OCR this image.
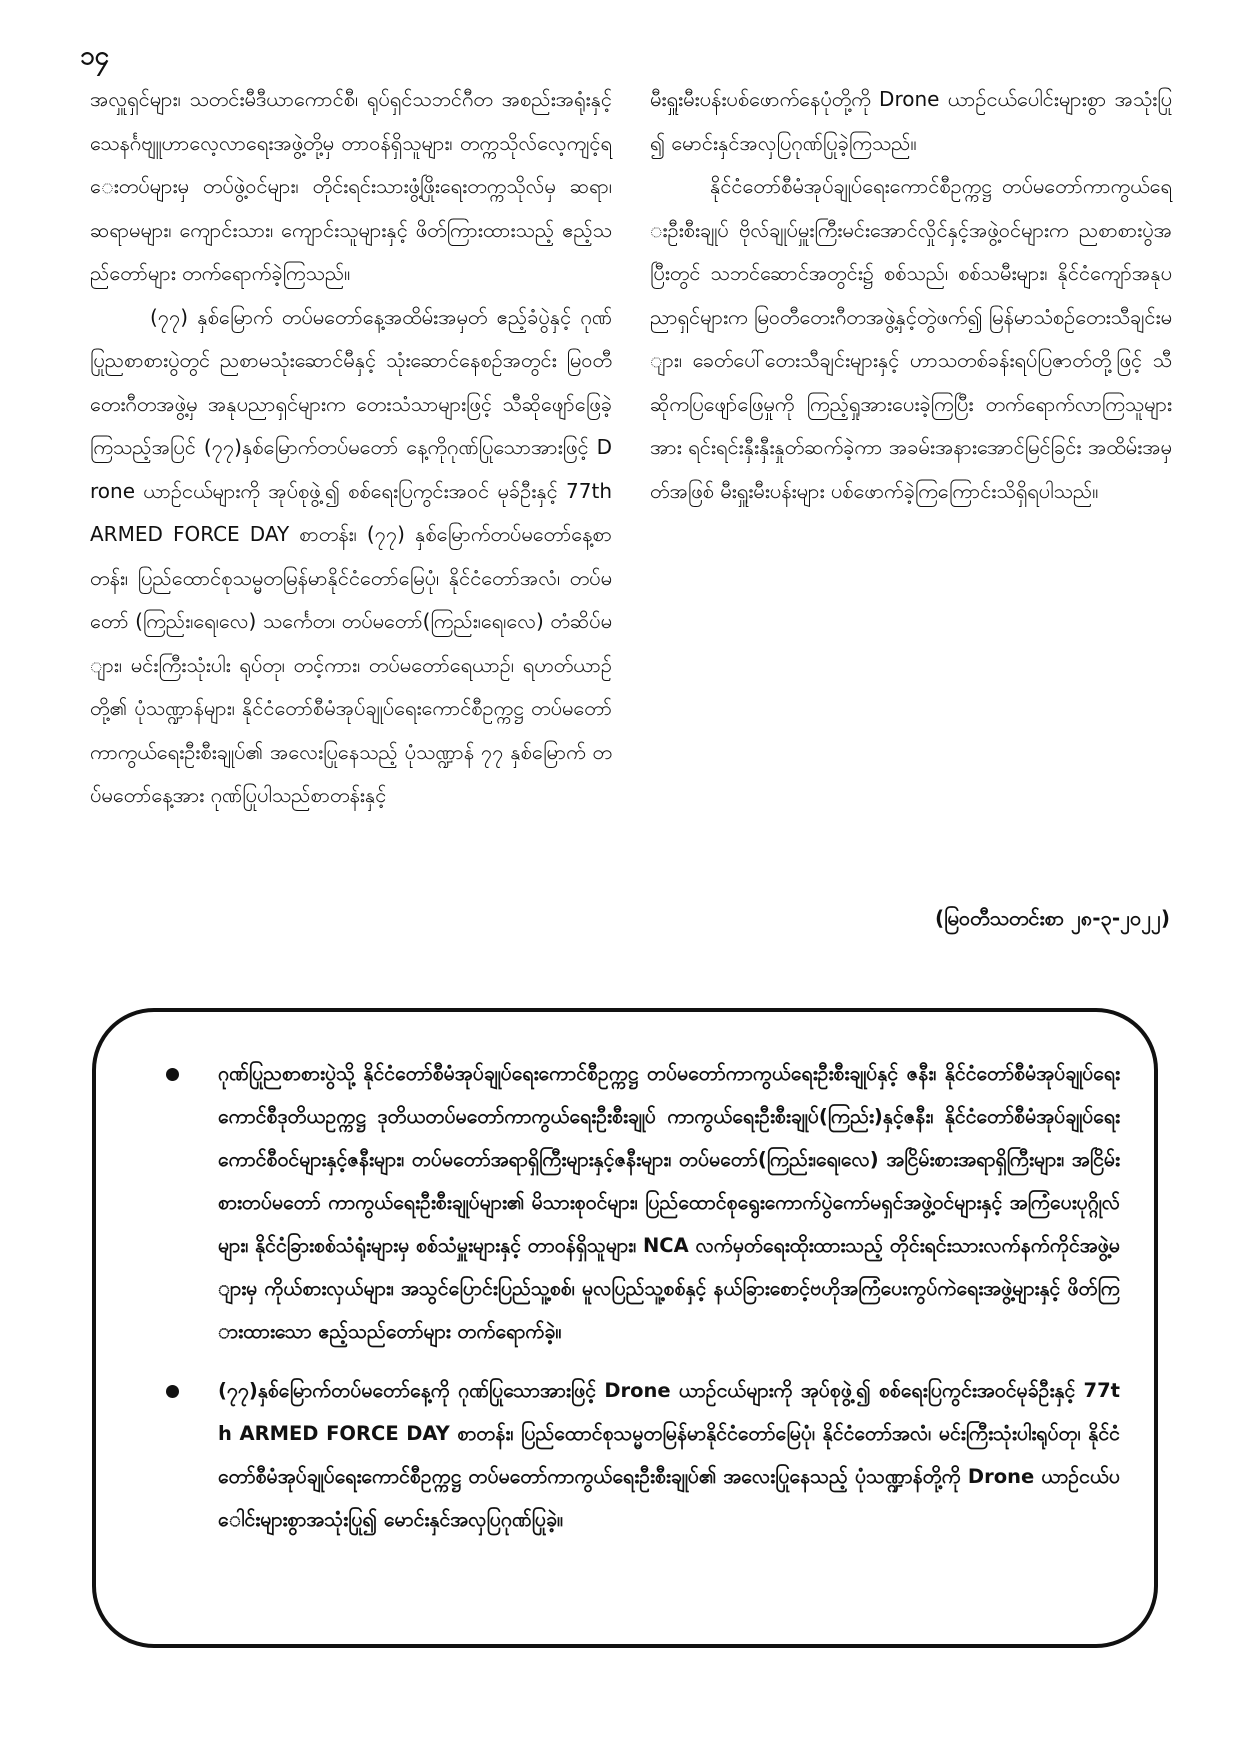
၁၄

အလှူရှင်များ၊ သတင်းမီဒီယာကောင်စီ၊ ရုပ်ရှင်သဘင်ဂီတ အစည်းအရုံးနှင့် သေနင်္ဂဗျူဟာလေ့လာရေးအဖွဲ့တို့မှ တာဝန်ရှိသူများ၊ တက္ကသိုလ်လေ့ကျင့်ရေးတပ်များမှ တပ်ဖွဲ့ဝင်များ၊ တိုင်းရင်းသားဖွံ့ဖြိုးရေးတက္ကသိုလ်မှ ဆရာ၊ ဆရာမများ၊ ကျောင်းသား၊ ကျောင်းသူများနှင့် ဖိတ်ကြားထားသည့် ဧည့်သည်တော်များ တက်ရောက်ခဲ့ကြသည်။

(၇၇) နှစ်မြောက် တပ်မတော်နေ့အထိမ်းအမှတ် ဧည့်ခံပွဲနှင့် ဂုဏ်ပြုညစာစားပွဲတွင် ညစာမသုံးဆောင်မီနှင့် သုံးဆောင်နေစဉ်အတွင်း မြဝတီတေးဂီတအဖွဲ့မှ အနုပညာရှင်များက တေးသံသာများဖြင့် သီဆိုဖျော်ဖြေခဲ့ကြသည့်အပြင် (၇၇)နှစ်မြောက်တပ်မတော် နေ့ကိုဂုဏ်ပြုသောအားဖြင့် Drone ယာဉ်ငယ်များကို အုပ်စုဖွဲ့၍ စစ်ရေးပြကွင်းအဝင် မုခ်ဦးနှင့် 77th ARMED FORCE DAY စာတန်း၊ (၇၇) နှစ်မြောက်တပ်မတော်နေ့စာတန်း၊ ပြည်ထောင်စုသမ္မတမြန်မာနိုင်ငံတော်မြေပုံ၊ နိုင်ငံတော်အလံ၊ တပ်မတော် (ကြည်း၊ရေ၊လေ) သင်္ကေတ၊ တပ်မတော်(ကြည်း၊ရေ၊လေ) တံဆိပ်များ၊ မင်းကြီးသုံးပါး ရုပ်တု၊ တင့်ကား၊ တပ်မတော်ရေယာဉ်၊ ရဟတ်ယာဉ်တို့၏ ပုံသဏ္ဍာန်များ၊ နိုင်ငံတော်စီမံအုပ်ချုပ်ရေးကောင်စီဥက္ကဋ္ဌ တပ်မတော်ကာကွယ်ရေးဦးစီးချုပ်၏ အလေးပြုနေသည့် ပုံသဏ္ဍာန် ၇၇ နှစ်မြောက် တပ်မတော်နေ့အား ဂုဏ်ပြုပါသည်စာတန်းနှင့်

မီးရှူးမီးပန်းပစ်ဖောက်နေပုံတို့ကို Drone ယာဉ်ငယ်ပေါင်းများစွာ အသုံးပြု၍ မောင်းနှင်အလှပြဂုဏ်ပြုခဲ့ကြသည်။

နိုင်ငံတော်စီမံအုပ်ချုပ်ရေးကောင်စီဥက္ကဋ္ဌ တပ်မတော်ကာကွယ်ရေးဦးစီးချုပ် ဗိုလ်ချုပ်မှူးကြီးမင်းအောင်လှိုင်နှင့်အဖွဲ့ဝင်များက ညစာစားပွဲအပြီးတွင် သဘင်ဆောင်အတွင်း၌ စစ်သည်၊ စစ်သမီးများ၊ နိုင်ငံကျော်အနုပညာရှင်များက မြဝတီတေးဂီတအဖွဲ့နှင့်တွဲဖက်၍ မြန်မာသံစဉ်တေးသီချင်းများ၊ ခေတ်ပေါ်တေးသီချင်းများနှင့် ဟာသတစ်ခန်းရပ်ပြဇာတ်တို့ဖြင့် သီဆိုကပြဖျော်ဖြေမှုကို ကြည့်ရှုအားပေးခဲ့ကြပြီး တက်ရောက်လာကြသူများအား ရင်းရင်းနှီးနှီးနှုတ်ဆက်ခဲ့ကာ အခမ်းအနားအောင်မြင်ခြင်း အထိမ်းအမှတ်အဖြစ် မီးရှူးမီးပန်းများ ပစ်ဖောက်ခဲ့ကြကြောင်းသိရှိရပါသည်။

(မြဝတီသတင်းစာ ၂၈-၃-၂၀၂၂)
ဂုဏ်ပြုညစာစားပွဲသို့ နိုင်ငံတော်စီမံအုပ်ချုပ်ရေးကောင်စီဥက္ကဋ္ဌ တပ်မတော်ကာကွယ်ရေးဦးစီးချုပ်နှင့် ဇနီး၊ နိုင်ငံတော်စီမံအုပ်ချုပ်ရေးကောင်စီဒုတိယဥက္ကဋ္ဌ ဒုတိယတပ်မတော်ကာကွယ်ရေးဦးစီးချုပ် ကာကွယ်ရေးဦးစီးချုပ်(ကြည်း)နှင့်ဇနီး၊ နိုင်ငံတော်စီမံအုပ်ချုပ်ရေးကောင်စီဝင်များနှင့်ဇနီးများ၊ တပ်မတော်အရာရှိကြီးများနှင့်ဇနီးများ၊ တပ်မတော်(ကြည်း၊ရေ၊လေ) အငြိမ်းစားအရာရှိကြီးများ၊ အငြိမ်းစားတပ်မတော် ကာကွယ်ရေးဦးစီးချုပ်များ၏ မိသားစုဝင်များ၊ ပြည်ထောင်စုရွေးကောက်ပွဲကော်မရှင်အဖွဲ့ဝင်များနှင့် အကြံပေးပုဂ္ဂိုလ်များ၊ နိုင်ငံခြားစစ်သံရုံးများမှ စစ်သံမှူးများနှင့် တာဝန်ရှိသူများ၊ NCA လက်မှတ်ရေးထိုးထားသည့် တိုင်းရင်းသားလက်နက်ကိုင်အဖွဲ့များမှ ကိုယ်စားလှယ်များ၊ အသွင်ပြောင်းပြည်သူ့စစ်၊ မူလပြည်သူ့စစ်နှင့် နယ်ခြားစောင့်ဗဟိုအကြံပေးကွပ်ကဲရေးအဖွဲ့များနှင့် ဖိတ်ကြားထားသော ဧည့်သည်တော်များ တက်ရောက်ခဲ့။
(၇၇)နှစ်မြောက်တပ်မတော်နေ့ကို ဂုဏ်ပြုသောအားဖြင့် Drone ယာဉ်ငယ်များကို အုပ်စုဖွဲ့၍ စစ်ရေးပြကွင်းအဝင်မုခ်ဦးနှင့် 77th ARMED FORCE DAY စာတန်း၊ ပြည်ထောင်စုသမ္မတမြန်မာနိုင်ငံတော်မြေပုံ၊ နိုင်ငံတော်အလံ၊ မင်းကြီးသုံးပါးရုပ်တု၊ နိုင်ငံတော်စီမံအုပ်ချုပ်ရေးကောင်စီဥက္ကဋ္ဌ တပ်မတော်ကာကွယ်ရေးဦးစီးချုပ်၏ အလေးပြုနေသည့် ပုံသဏ္ဍာန်တို့ကို Drone ယာဉ်ငယ်ပေါင်းများစွာအသုံးပြု၍ မောင်းနှင်အလှပြဂုဏ်ပြုခဲ့။
